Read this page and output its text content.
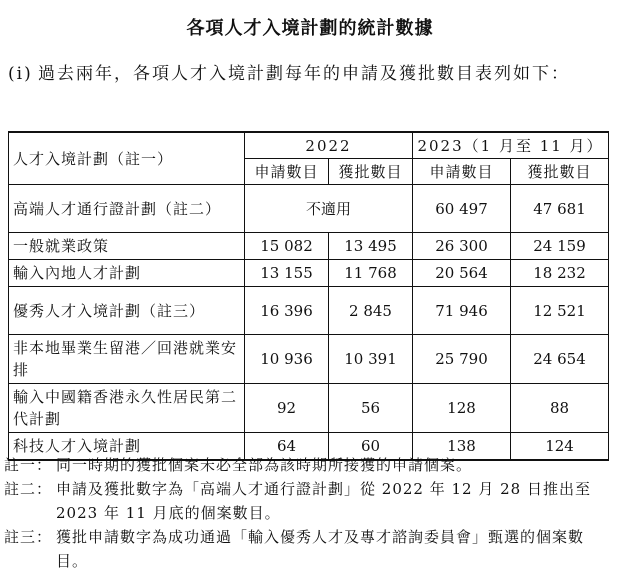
各項人才入境計劃的統計數據
(i) 過去兩年，各項人才入境計劃每年的申請及獲批數目表列如下：
人才入境計劃（註一）	2022		2023（1 月至 11 月）	
	申請數目	獲批數目	申請數目	獲批數目
高端人才通行證計劃（註二）	不適用		60 497	47 681
一般就業政策	15 082	13 495	26 300	24 159
輸入內地人才計劃	13 155	11 768	20 564	18 232
優秀人才入境計劃（註三）	16 396	2 845	71 946	12 521
非本地畢業生留港／回港就業安排	10 936	10 391	25 790	24 654
輸入中國籍香港永久性居民第二代計劃	92	56	128	88
科技人才入境計劃	64	60	138	124

註一： 同一時期的獲批個案未必全部為該時期所接獲的申請個案。

註二： 申請及獲批數字為「高端人才通行證計劃」從 2022 年 12 月 28 日推出至 2023 年 11 月底的個案數目。

註三： 獲批申請數字為成功通過「輸入優秀人才及專才諮詢委員會」甄選的個案數目。
